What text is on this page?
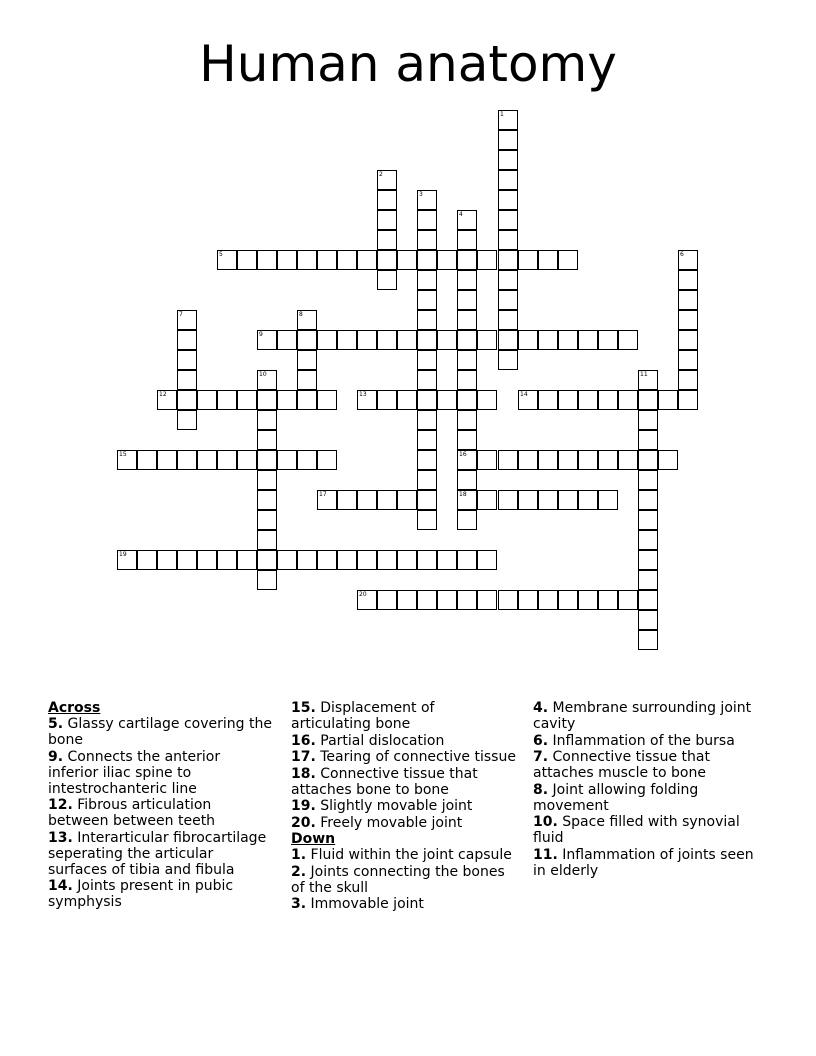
Human anatomy
1
2
3
4
16
18
5	6
7	8
9
10	11
12	13	14
15
17
19
20
Across
5. Glassy cartilage covering the bone
9. Connects the anterior inferior iliac spine to intestrochanteric line
12. Fibrous articulation between between teeth
13. Interarticular fibrocartilage seperating the articular surfaces of tibia and fibula
14. Joints present in pubic symphysis
15. Displacement of articulating bone
16. Partial dislocation
17. Tearing of connective tissue
18. Connective tissue that attaches bone to bone
19. Slightly movable joint
20. Freely movable joint
Down
1. Fluid within the joint capsule
2. Joints connecting the bones of the skull
3. Immovable joint
4. Membrane surrounding joint cavity
6. Inflammation of the bursa
7. Connective tissue that attaches muscle to bone
8. Joint allowing folding movement
10. Space filled with synovial fluid
11. Inflammation of joints seen in elderly
